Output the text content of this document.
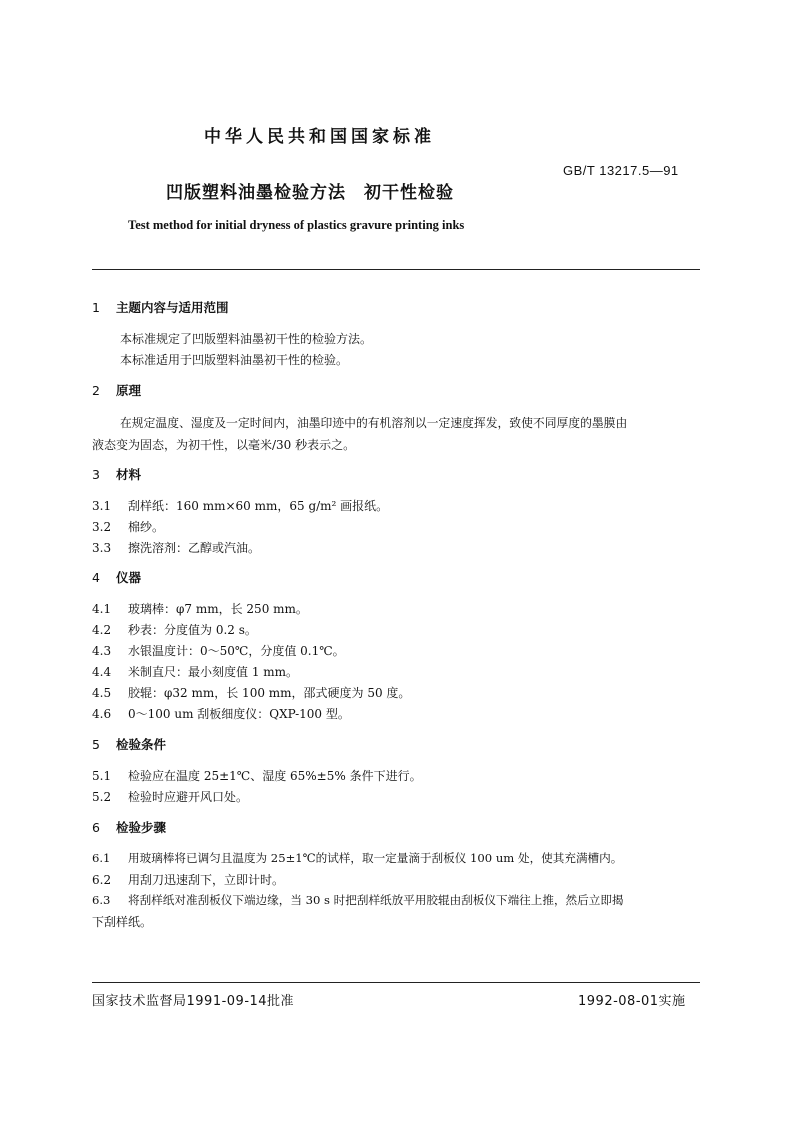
中华人民共和国国家标准
GB/T 13217.5—91
凹版塑料油墨检验方法　初干性检验
Test method for initial dryness of plastics gravure printing inks
1 主题内容与适用范围
本标准规定了凹版塑料油墨初干性的检验方法。
本标准适用于凹版塑料油墨初干性的检验。
2 原理
在规定温度、湿度及一定时间内，油墨印迹中的有机溶剂以一定速度挥发，致使不同厚度的墨膜由
液态变为固态，为初干性，以毫米/30 秒表示之。
3 材料
3.1 刮样纸：160 mm×60 mm，65 g/m² 画报纸。
3.2 棉纱。
3.3 擦洗溶剂：乙醇或汽油。
4 仪器
4.1 玻璃棒：φ7 mm，长 250 mm。
4.2 秒表：分度值为 0.2 s。
4.3 水银温度计：0～50℃，分度值 0.1℃。
4.4 米制直尺：最小刻度值 1 mm。
4.5 胶辊：φ32 mm，长 100 mm，邵式硬度为 50 度。
4.6 0～100 um 刮板细度仪：QXP-100 型。
5 检验条件
5.1 检验应在温度 25±1℃、湿度 65%±5% 条件下进行。
5.2 检验时应避开风口处。
6 检验步骤
6.1 用玻璃棒将已调匀且温度为 25±1℃的试样，取一定量滴于刮板仪 100 um 处，使其充满槽内。
6.2 用刮刀迅速刮下，立即计时。
6.3 将刮样纸对准刮板仪下端边缘，当 30 s 时把刮样纸放平用胶辊由刮板仪下端往上推，然后立即揭
下刮样纸。
国家技术监督局1991-09-14批准	1992-08-01实施
